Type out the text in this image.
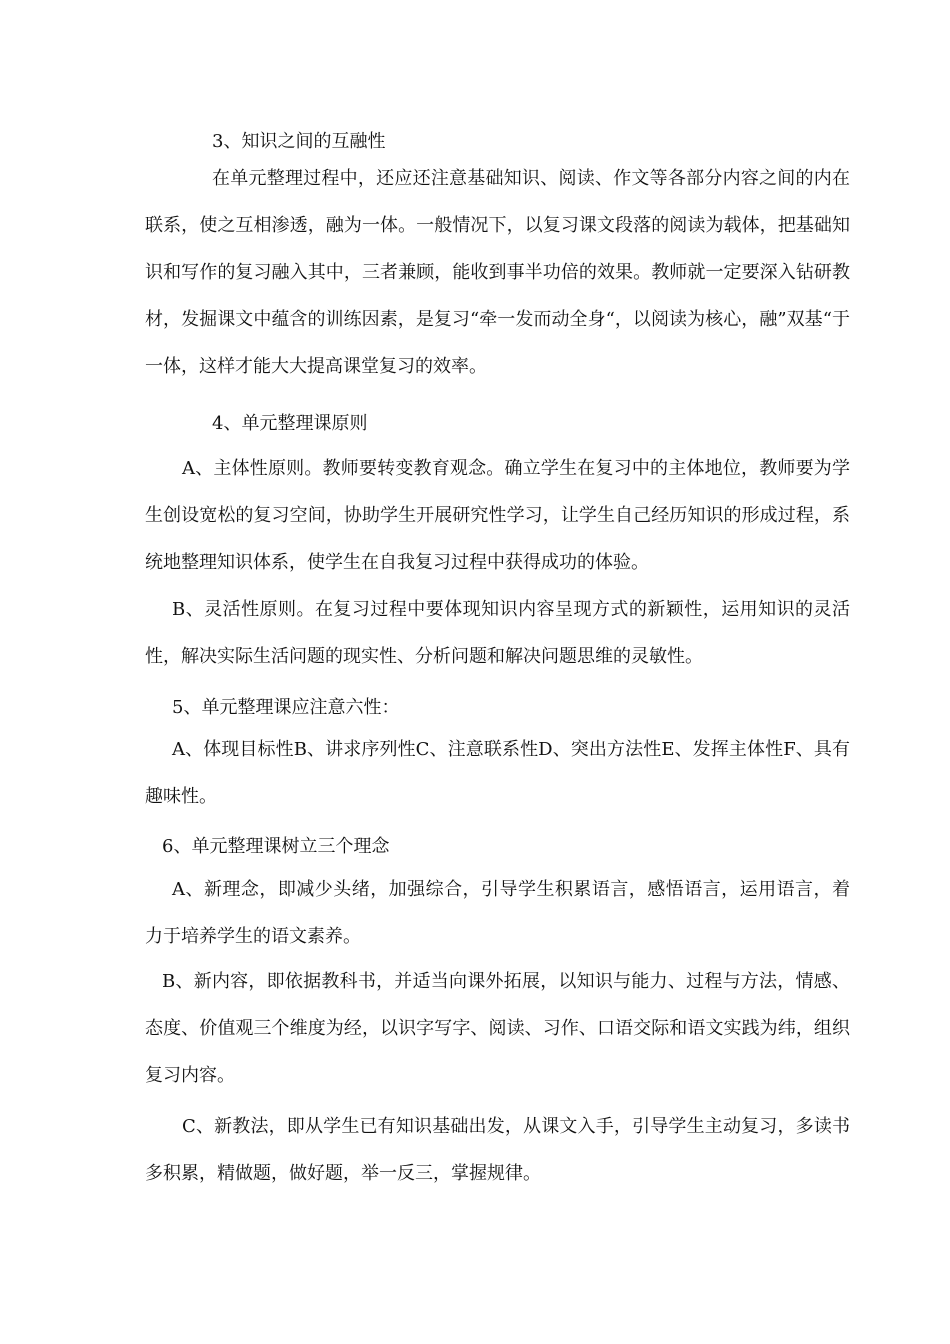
3、知识之间的互融性

在单元整理过程中，还应还注意基础知识、阅读、作文等各部分内容之间的内在联系，使之互相渗透，融为一体。一般情况下，以复习课文段落的阅读为载体，把基础知识和写作的复习融入其中，三者兼顾，能收到事半功倍的效果。教师就一定要深入钻研教材，发掘课文中蕴含的训练因素，是复习“牵一发而动全身“，以阅读为核心，融”双基“于一体，这样才能大大提高课堂复习的效率。

4、单元整理课原则

A、主体性原则。教师要转变教育观念。确立学生在复习中的主体地位，教师要为学生创设宽松的复习空间，协助学生开展研究性学习，让学生自己经历知识的形成过程，系统地整理知识体系，使学生在自我复习过程中获得成功的体验。

B、灵活性原则。在复习过程中要体现知识内容呈现方式的新颖性，运用知识的灵活性，解决实际生活问题的现实性、分析问题和解决问题思维的灵敏性。

5、单元整理课应注意六性：

A、体现目标性B、讲求序列性C、注意联系性D、突出方法性E、发挥主体性F、具有趣味性。

6、单元整理课树立三个理念

A、新理念，即减少头绪，加强综合，引导学生积累语言，感悟语言，运用语言，着力于培养学生的语文素养。

B、新内容，即依据教科书，并适当向课外拓展，以知识与能力、过程与方法，情感、态度、价值观三个维度为经，以识字写字、阅读、习作、口语交际和语文实践为纬，组织复习内容。

C、新教法，即从学生已有知识基础出发，从课文入手，引导学生主动复习，多读书多积累，精做题，做好题，举一反三，掌握规律。
